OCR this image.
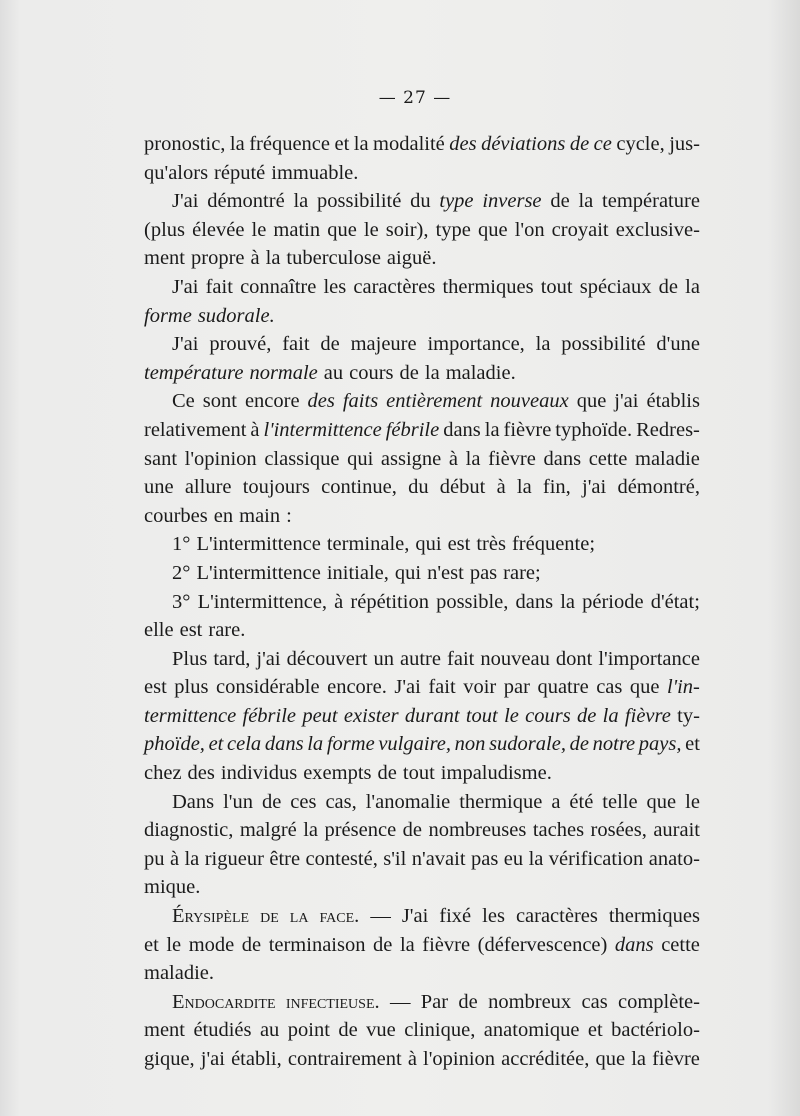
— 27 —
pronostic, la fréquence et la modalité des déviations de ce cycle, jus-
qu'alors réputé immuable.
J'ai démontré la possibilité du type inverse de la température
(plus élevée le matin que le soir), type que l'on croyait exclusive-
ment propre à la tuberculose aiguë.
J'ai fait connaître les caractères thermiques tout spéciaux de la
forme sudorale.
J'ai prouvé, fait de majeure importance, la possibilité d'une
température normale au cours de la maladie.
Ce sont encore des faits entièrement nouveaux que j'ai établis
relativement à l'intermittence fébrile dans la fièvre typhoïde. Redres-
sant l'opinion classique qui assigne à la fièvre dans cette maladie
une allure toujours continue, du début à la fin, j'ai démontré,
courbes en main :
1° L'intermittence terminale, qui est très fréquente;
2° L'intermittence initiale, qui n'est pas rare;
3° L'intermittence, à répétition possible, dans la période d'état;
elle est rare.
Plus tard, j'ai découvert un autre fait nouveau dont l'importance
est plus considérable encore. J'ai fait voir par quatre cas que l'in-
termittence fébrile peut exister durant tout le cours de la fièvre ty-
phoïde, et cela dans la forme vulgaire, non sudorale, de notre pays, et
chez des individus exempts de tout impaludisme.
Dans l'un de ces cas, l'anomalie thermique a été telle que le
diagnostic, malgré la présence de nombreuses taches rosées, aurait
pu à la rigueur être contesté, s'il n'avait pas eu la vérification anato-
mique.
Érysipèle de la face. — J'ai fixé les caractères thermiques
et le mode de terminaison de la fièvre (défervescence) dans cette
maladie.
Endocardite infectieuse. — Par de nombreux cas complète-
ment étudiés au point de vue clinique, anatomique et bactériolo-
gique, j'ai établi, contrairement à l'opinion accréditée, que la fièvre
